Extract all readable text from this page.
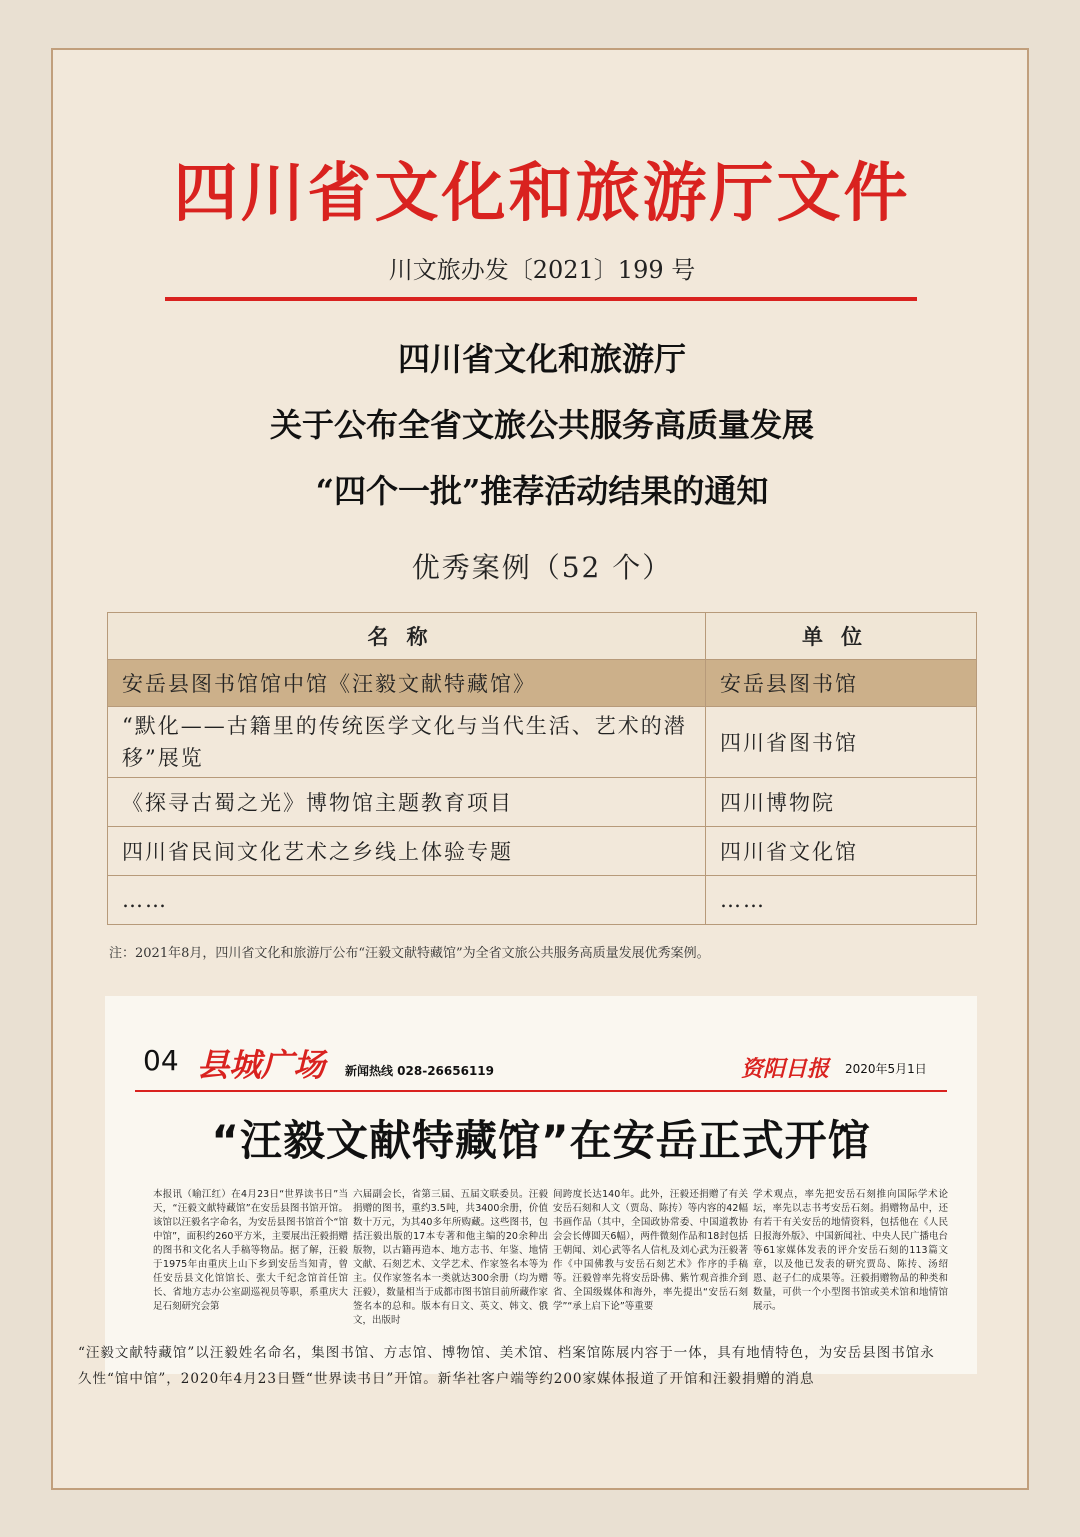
四川省文化和旅游厅文件
川文旅办发〔2021〕199 号
四川省文化和旅游厅
关于公布全省文旅公共服务高质量发展
“四个一批”推荐活动结果的通知
优秀案例（52 个）
名称	单位
安岳县图书馆馆中馆《汪毅文献特藏馆》	安岳县图书馆
“默化——古籍里的传统医学文化与当代生活、艺术的潜移”展览	四川省图书馆
《探寻古蜀之光》博物馆主题教育项目	四川博物院
四川省民间文化艺术之乡线上体验专题	四川省文化馆
……	……
注：2021年8月，四川省文化和旅游厅公布“汪毅文献特藏馆”为全省文旅公共服务高质量发展优秀案例。
04 县城广场 新闻热线 028-26656119	资阳日报 2020年5月1日
“汪毅文献特藏馆”在安岳正式开馆
本报讯（喻江红）在4月23日“世界读书日”当天，“汪毅文献特藏馆”在安岳县图书馆开馆。该馆以汪毅名字命名，为安岳县图书馆首个“馆中馆”，面积约260平方米，主要展出汪毅捐赠的图书和文化名人手稿等物品。据了解，汪毅于1975年由重庆上山下乡到安岳当知青，曾任安岳县文化馆馆长、张大千纪念馆首任馆长、省地方志办公室副巡视员等职，系重庆大足石刻研究会第
六届副会长，省第三届、五届文联委员。汪毅捐赠的图书，重约3.5吨，共3400余册，价值数十万元，为其40多年所购藏。这些图书，包括汪毅出版的17本专著和他主编的20余种出版物，以古籍再造本、地方志书、年鉴、地情文献、石刻艺术、文学艺术、作家签名本等为主。仅作家签名本一类就达300余册（均为赠汪毅），数量相当于成都市图书馆目前所藏作家签名本的总和。版本有日文、英文、韩文、俄文，出版时
间跨度长达140年。此外，汪毅还捐赠了有关安岳石刻和人文（贾岛、陈抟）等内容的42幅书画作品（其中，全国政协常委、中国道教协会会长傅圆天6幅），两件微刻作品和18封包括王朝闻、刘心武等名人信札及刘心武为汪毅著作《中国佛教与安岳石刻艺术》作序的手稿等。汪毅曾率先将安岳卧佛、紫竹观音推介到省、全国级媒体和海外，率先提出“安岳石刻学”“承上启下论”等重要
学术观点，率先把安岳石刻推向国际学术论坛，率先以志书考安岳石刻。捐赠物品中，还有若干有关安岳的地情资料，包括他在《人民日报海外版》、中国新闻社、中央人民广播电台等61家媒体发表的评介安岳石刻的113篇文章，以及他已发表的研究贾岛、陈抟、汤绍恩、赵子仁的成果等。汪毅捐赠物品的种类和数量，可供一个小型图书馆或美术馆和地情馆展示。
“汪毅文献特藏馆”以汪毅姓名命名，集图书馆、方志馆、博物馆、美术馆、档案馆陈展内容于一体，具有地情特色，为安岳县图书馆永久性“馆中馆”，2020年4月23日暨“世界读书日”开馆。新华社客户端等约200家媒体报道了开馆和汪毅捐赠的消息
